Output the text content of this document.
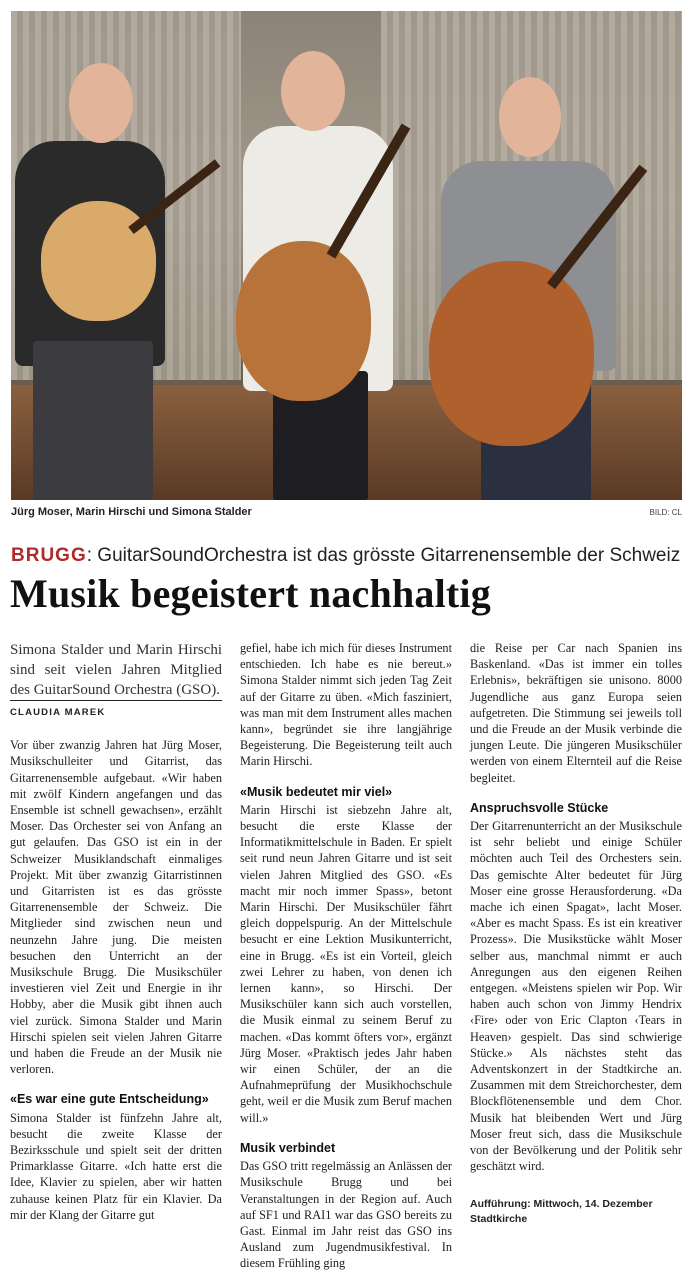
Jürg Moser, Marin Hirschi und Simona Stalder	BILD: CL
BRUGG: GuitarSoundOrchestra ist das grösste Gitarrenensemble der Schweiz
Musik begeistert nachhaltig

Simona Stalder und Marin Hirschi sind seit vielen Jahren Mitglied des GuitarSound Orchestra (GSO).

CLAUDIA MAREK

Vor über zwanzig Jahren hat Jürg Moser, Musikschulleiter und Gitarrist, das Gitarrenensemble aufgebaut. «Wir haben mit zwölf Kindern angefangen und das Ensemble ist schnell gewachsen», erzählt Moser. Das Orchester sei von Anfang an gut gelaufen. Das GSO ist ein in der Schweizer Musiklandschaft einmaliges Projekt. Mit über zwanzig Gitarristinnen und Gitarristen ist es das grösste Gitarrenensemble der Schweiz. Die Mitglieder sind zwischen neun und neunzehn Jahre jung. Die meisten besuchen den Unterricht an der Musikschule Brugg. Die Musikschüler investieren viel Zeit und Energie in ihr Hobby, aber die Musik gibt ihnen auch viel zurück. Simona Stalder und Marin Hirschi spielen seit vielen Jahren Gitarre und haben die Freude an der Musik nie verloren.

«Es war eine gute Entscheidung»

Simona Stalder ist fünfzehn Jahre alt, besucht die zweite Klasse der Bezirksschule und spielt seit der dritten Primarklasse Gitarre. «Ich hatte erst die Idee, Klavier zu spielen, aber wir hatten zuhause keinen Platz für ein Klavier. Da mir der Klang der Gitarre gut

gefiel, habe ich mich für dieses Instrument entschieden. Ich habe es nie bereut.» Simona Stalder nimmt sich jeden Tag Zeit auf der Gitarre zu üben. «Mich fasziniert, was man mit dem Instrument alles machen kann», begründet sie ihre langjährige Begeisterung. Die Begeisterung teilt auch Marin Hirschi.

«Musik bedeutet mir viel»

Marin Hirschi ist siebzehn Jahre alt, besucht die erste Klasse der Informatikmittelschule in Baden. Er spielt seit rund neun Jahren Gitarre und ist seit vielen Jahren Mitglied des GSO. «Es macht mir noch immer Spass», betont Marin Hirschi. Der Musikschüler fährt gleich doppelspurig. An der Mittelschule besucht er eine Lektion Musikunterricht, eine in Brugg. «Es ist ein Vorteil, gleich zwei Lehrer zu haben, von denen ich lernen kann», so Hirschi. Der Musikschüler kann sich auch vorstellen, die Musik einmal zu seinem Beruf zu machen. «Das kommt öfters vor», ergänzt Jürg Moser. «Praktisch jedes Jahr haben wir einen Schüler, der an die Aufnahmeprüfung der Musikhochschule geht, weil er die Musik zum Beruf machen will.»

Musik verbindet

Das GSO tritt regelmässig an Anlässen der Musikschule Brugg und bei Veranstaltungen in der Region auf. Auch auf SF1 und RAI1 war das GSO bereits zu Gast. Einmal im Jahr reist das GSO ins Ausland zum Jugendmusikfestival. In diesem Frühling ging

die Reise per Car nach Spanien ins Baskenland. «Das ist immer ein tolles Erlebnis», bekräftigen sie unisono. 8000 Jugendliche aus ganz Europa seien aufgetreten. Die Stimmung sei jeweils toll und die Freude an der Musik verbinde die jungen Leute. Die jüngeren Musikschüler werden von einem Elternteil auf die Reise begleitet.

Anspruchsvolle Stücke

Der Gitarrenunterricht an der Musikschule ist sehr beliebt und einige Schüler möchten auch Teil des Orchesters sein. Das gemischte Alter bedeutet für Jürg Moser eine grosse Herausforderung. «Da mache ich einen Spagat», lacht Moser. «Aber es macht Spass. Es ist ein kreativer Prozess». Die Musikstücke wählt Moser selber aus, manchmal nimmt er auch Anregungen aus den eigenen Reihen entgegen. «Meistens spielen wir Pop. Wir haben auch schon von Jimmy Hendrix ‹Fire› oder von Eric Clapton ‹Tears in Heaven› gespielt. Das sind schwierige Stücke.» Als nächstes steht das Adventskonzert in der Stadtkirche an. Zusammen mit dem Streichorchester, dem Blockflötenensemble und dem Chor. Musik hat bleibenden Wert und Jürg Moser freut sich, dass die Musikschule von der Bevölkerung und der Politik sehr geschätzt wird.

Aufführung: Mittwoch, 14. Dezember
Stadtkirche
